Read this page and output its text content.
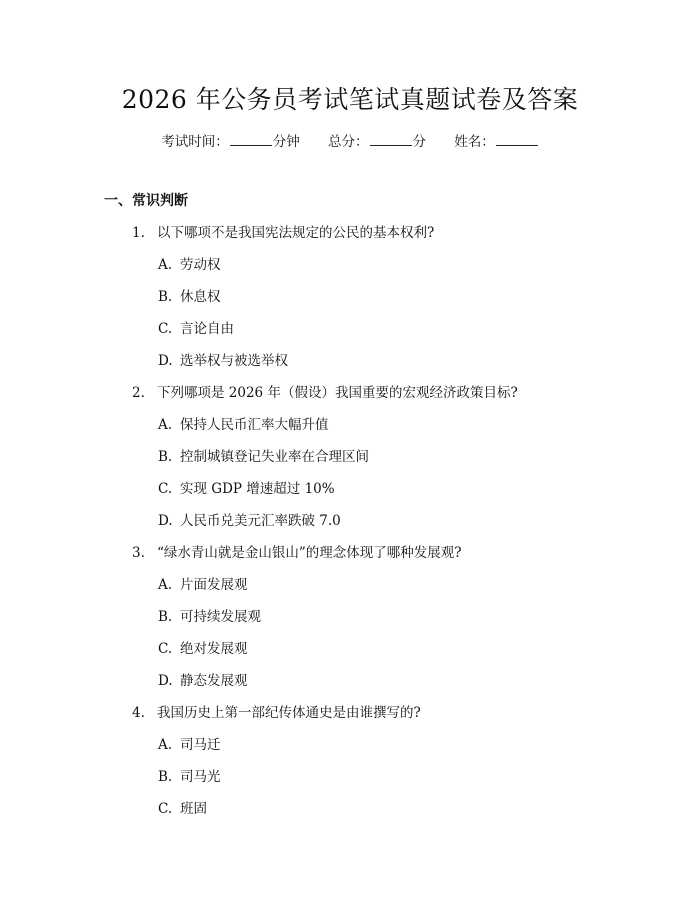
2026 年公务员考试笔试真题试卷及答案
考试时间：	分钟 总分：	分 姓名：
一、常识判断
1. 以下哪项不是我国宪法规定的公民的基本权利?
A. 劳动权
B. 休息权
C. 言论自由
D. 选举权与被选举权
2. 下列哪项是 2026 年（假设）我国重要的宏观经济政策目标?
A. 保持人民币汇率大幅升值
B. 控制城镇登记失业率在合理区间
C. 实现 GDP 增速超过 10%
D. 人民币兑美元汇率跌破 7.0
3. “绿水青山就是金山银山”的理念体现了哪种发展观?
A. 片面发展观
B. 可持续发展观
C. 绝对发展观
D. 静态发展观
4. 我国历史上第一部纪传体通史是由谁撰写的?
A. 司马迁
B. 司马光
C. 班固
